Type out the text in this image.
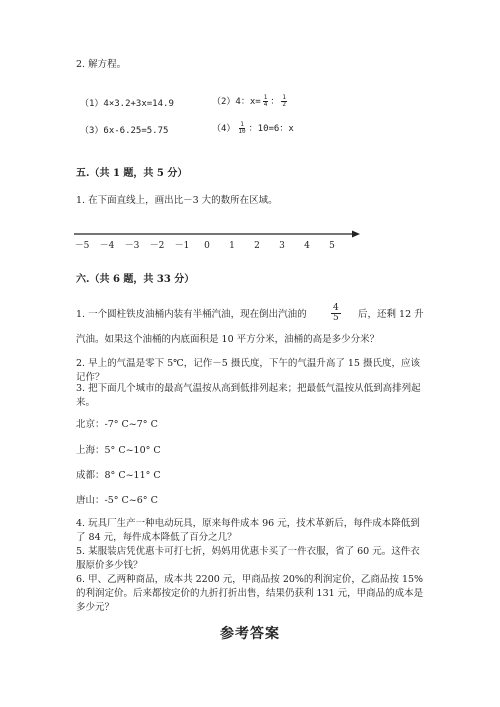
2. 解方程。
（1）4×3.2+3x=14.9	（2）4：$x= \frac{1}{4}$ ： $\frac{1}{2}$
（3）6x-6.25=5.75	$(4) \frac{1}{10}$ ：10=6：x
五.（共 1 题，共 5 分）
1. 在下面直线上，画出比－3 大的数所在区域。
－5 －4 －3 －2 －1 0 1 2 3 4 5
六.（共 6 题，共 33 分）
1. 一个圆柱铁皮油桶内装有半桶汽油，现在倒出汽油的	$\frac{4}{5}$ 后，还剩 12 升
汽油。如果这个油桶的内底面积是 10 平方分米，油桶的高是多少分米？
2. 早上的气温是零下 5℃，记作－5 摄氏度，下午的气温升高了 15 摄氏度，应该记作？
3. 把下面几个城市的最高气温按从高到低排列起来；把最低气温按从低到高排列起来。
北京：-7° C~7° C
上海：5° C~10° C
成都：8° C~11° C
唐山：-5° C~6° C
4. 玩具厂生产一种电动玩具，原来每件成本 96 元，技术革新后，每件成本降低到了 84 元，每件成本降低了百分之几？
5. 某服装店凭优惠卡可打七折，妈妈用优惠卡买了一件衣服，省了 60 元。这件衣服原价多少钱？
6. 甲、乙两种商品，成本共 2200 元，甲商品按 20%的利润定价，乙商品按 15%的利润定价。后来都按定价的九折打折出售，结果仍获利 131 元，甲商品的成本是多少元？
参考答案
